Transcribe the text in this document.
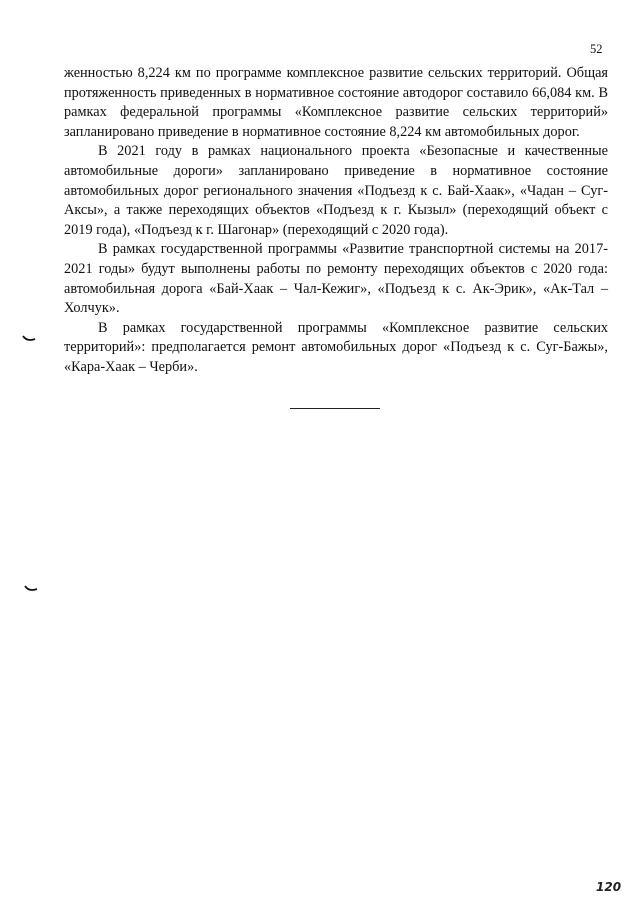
52

женностью 8,224 км по программе комплексное развитие сельских территорий. Общая протяженность приведенных в нормативное состояние автодорог составило 66,084 км. В рамках федеральной программы «Комплексное развитие сельских территорий» запланировано приведение в нормативное состояние 8,224 км автомобильных дорог.

В 2021 году в рамках национального проекта «Безопасные и качественные автомобильные дороги» запланировано приведение в нормативное состояние автомобильных дорог регионального значения «Подъезд к с. Бай-Хаак», «Чадан – Суг-Аксы», а также переходящих объектов «Подъезд к г. Кызыл» (переходящий объект с 2019 года), «Подъезд к г. Шагонар» (переходящий с 2020 года).

В рамках государственной программы «Развитие транспортной системы на 2017-2021 годы» будут выполнены работы по ремонту переходящих объектов с 2020 года: автомобильная дорога «Бай-Хаак – Чал-Кежиг», «Подъезд к с. Ак-Эрик», «Ак-Тал – Холчук».

В рамках государственной программы «Комплексное развитие сельских территорий»: предполагается ремонт автомобильных дорог «Подъезд к с. Суг-Бажы», «Кара-Хаак – Черби».

120
